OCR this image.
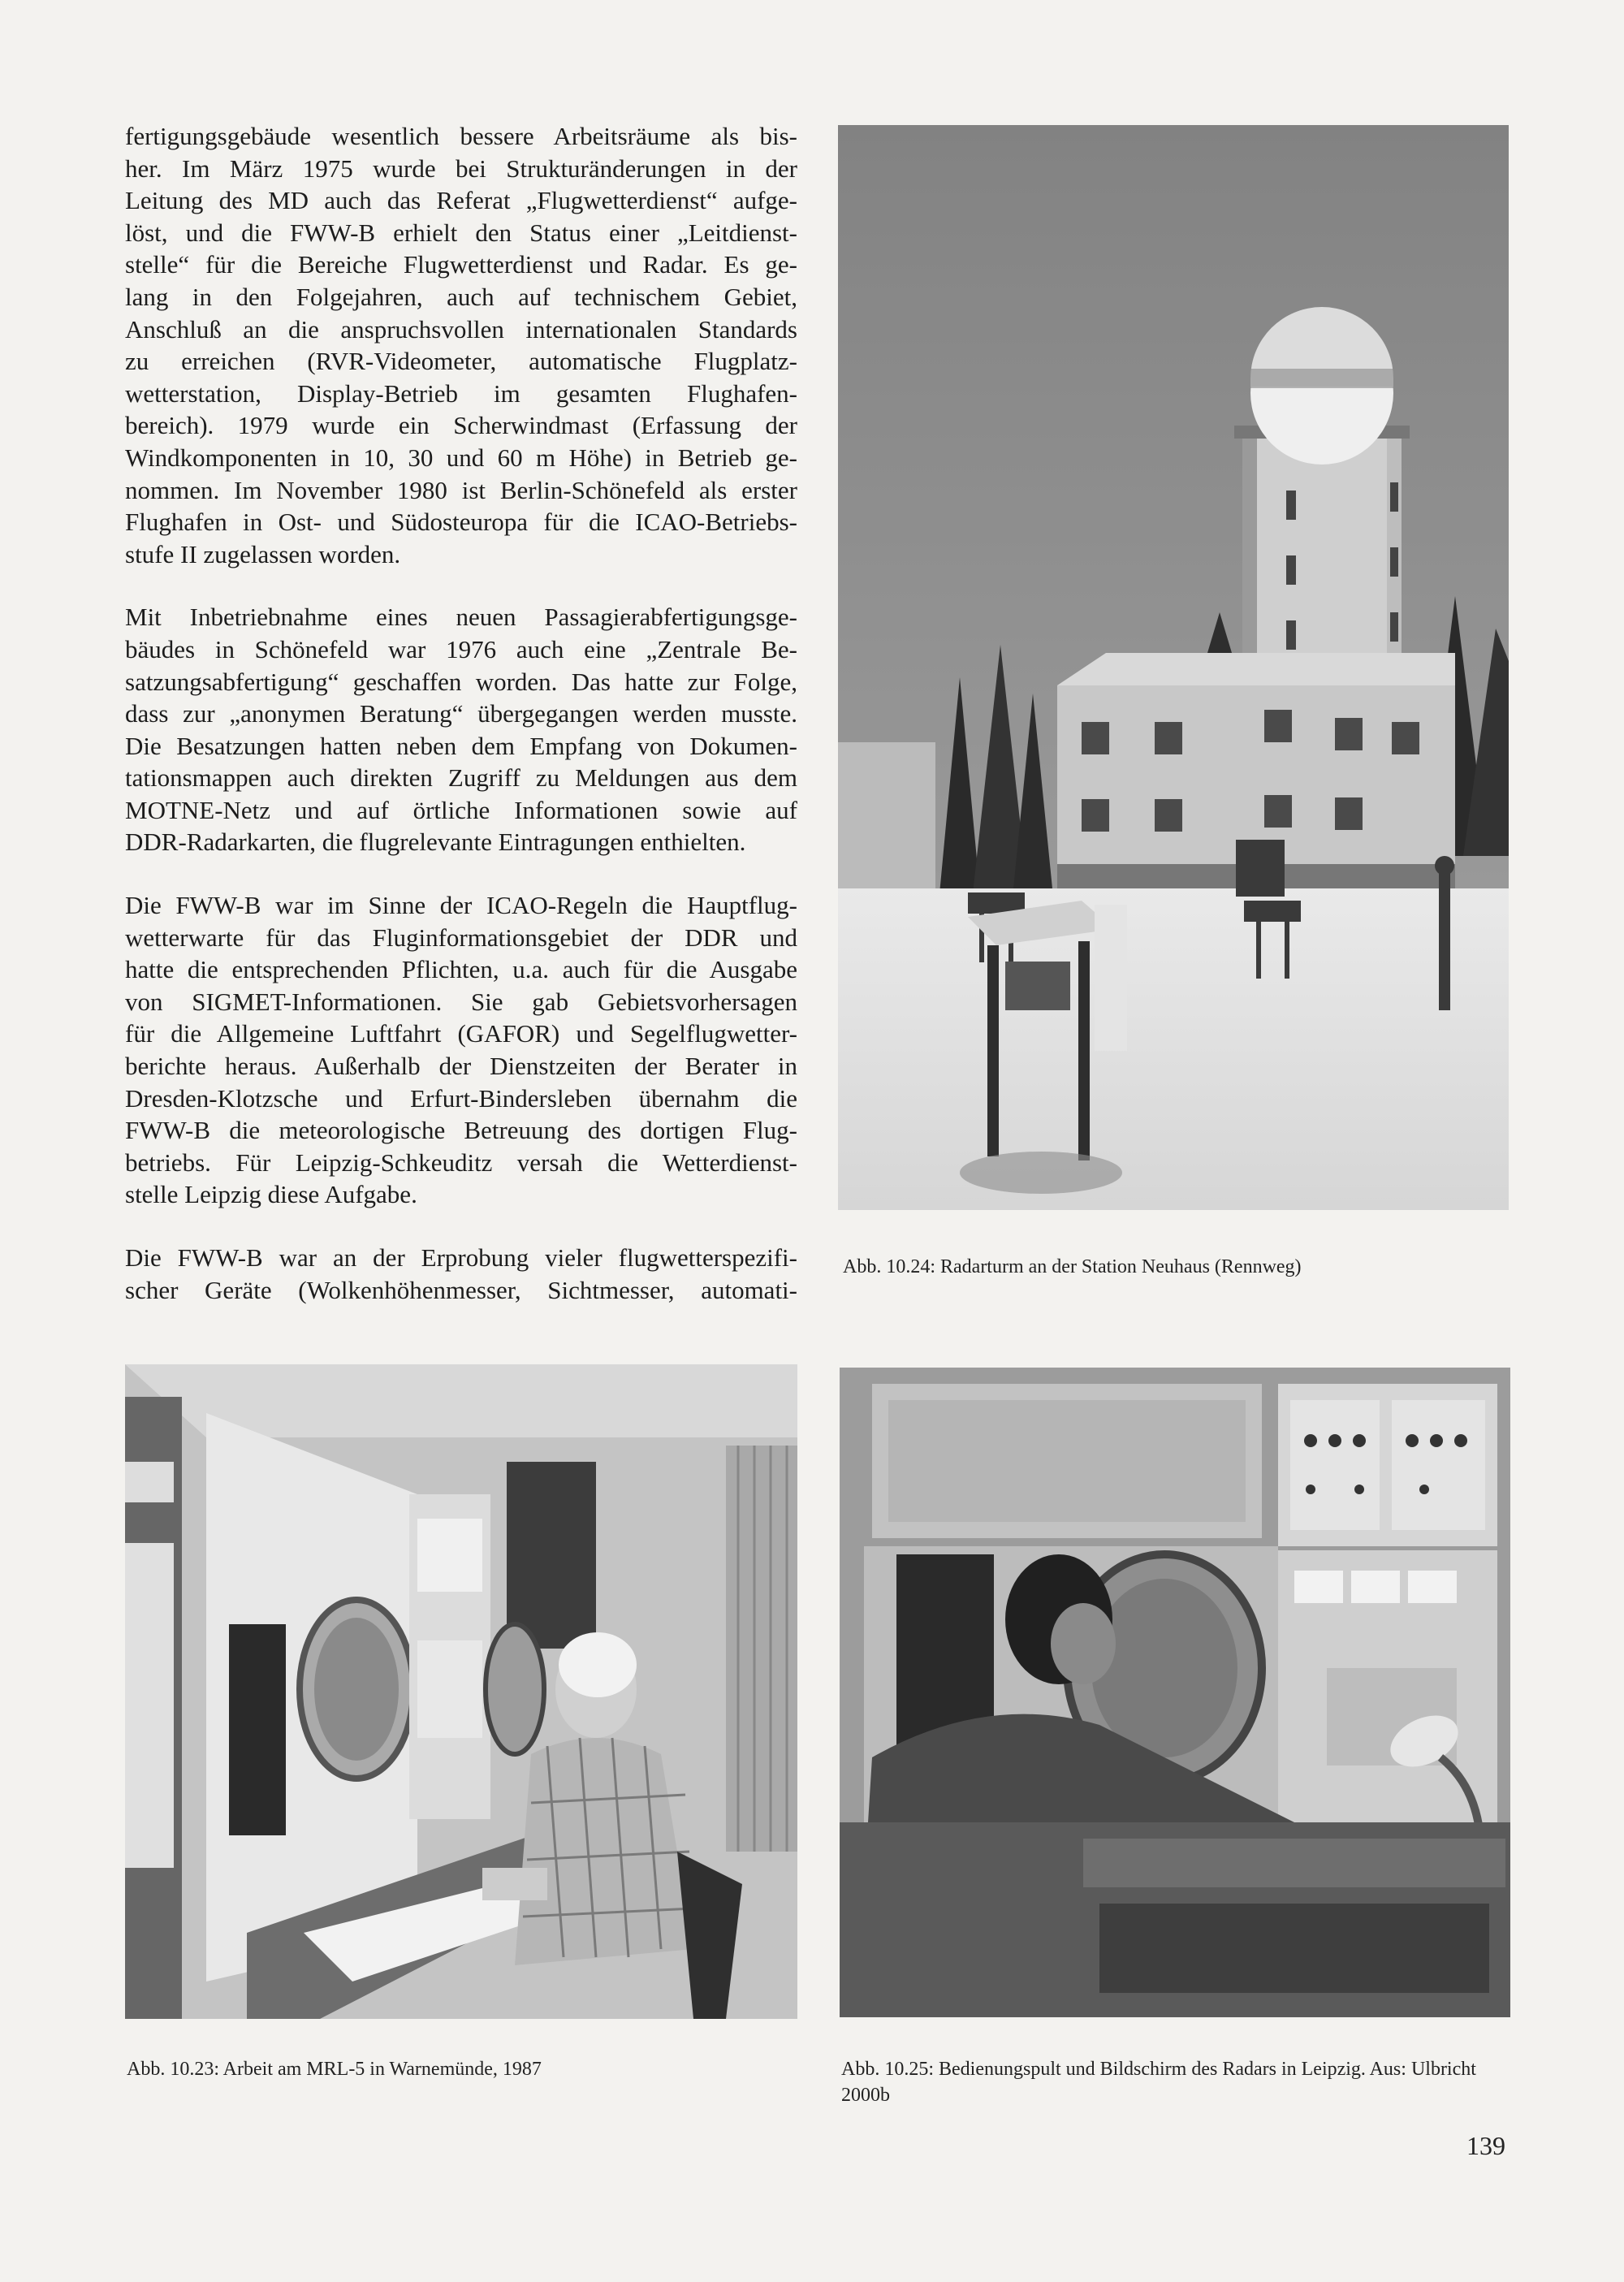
fertigungsgebäude wesentlich bessere Arbeitsräume als bis-
her. Im März 1975 wurde bei Strukturänderungen in der
Leitung des MD auch das Referat „Flugwetterdienst“ aufge-
löst, und die FWW-B erhielt den Status einer „Leitdienst-
stelle“ für die Bereiche Flugwetterdienst und Radar. Es ge-
lang in den Folgejahren, auch auf technischem Gebiet,
Anschluß an die anspruchsvollen internationalen Standards
zu erreichen (RVR-Videometer, automatische Flugplatz-
wetterstation, Display-Betrieb im gesamten Flughafen-
bereich). 1979 wurde ein Scherwindmast (Erfassung der
Windkomponenten in 10, 30 und 60 m Höhe) in Betrieb ge-
nommen. Im November 1980 ist Berlin-Schönefeld als erster
Flughafen in Ost- und Südosteuropa für die ICAO-Betriebs-
stufe II zugelassen worden.

Mit Inbetriebnahme eines neuen Passagierabfertigungsge-
bäudes in Schönefeld war 1976 auch eine „Zentrale Be-
satzungsabfertigung“ geschaffen worden. Das hatte zur Folge,
dass zur „anonymen Beratung“ übergegangen werden musste.
Die Besatzungen hatten neben dem Empfang von Dokumen-
tationsmappen auch direkten Zugriff zu Meldungen aus dem
MOTNE-Netz und auf örtliche Informationen sowie auf
DDR-Radarkarten, die flugrelevante Eintragungen enthielten.

Die FWW-B war im Sinne der ICAO-Regeln die Hauptflug-
wetterwarte für das Fluginformationsgebiet der DDR und
hatte die entsprechenden Pflichten, u.a. auch für die Ausgabe
von SIGMET-Informationen. Sie gab Gebietsvorhersagen
für die Allgemeine Luftfahrt (GAFOR) und Segelflugwetter-
berichte heraus. Außerhalb der Dienstzeiten der Berater in
Dresden-Klotzsche und Erfurt-Bindersleben übernahm die
FWW-B die meteorologische Betreuung des dortigen Flug-
betriebs. Für Leipzig-Schkeuditz versah die Wetterdienst-
stelle Leipzig diese Aufgabe.

Die FWW-B war an der Erprobung vieler flugwetterspezifi-
scher Geräte (Wolkenhöhenmesser, Sichtmesser, automati-

Abb. 10.24: Radarturm an der Station Neuhaus (Rennweg)
Abb. 10.23: Arbeit am MRL-5 in Warnemünde, 1987	Abb. 10.25: Bedienungspult und Bildschirm des Radars in Leipzig. Aus: Ulbricht 2000b
139
